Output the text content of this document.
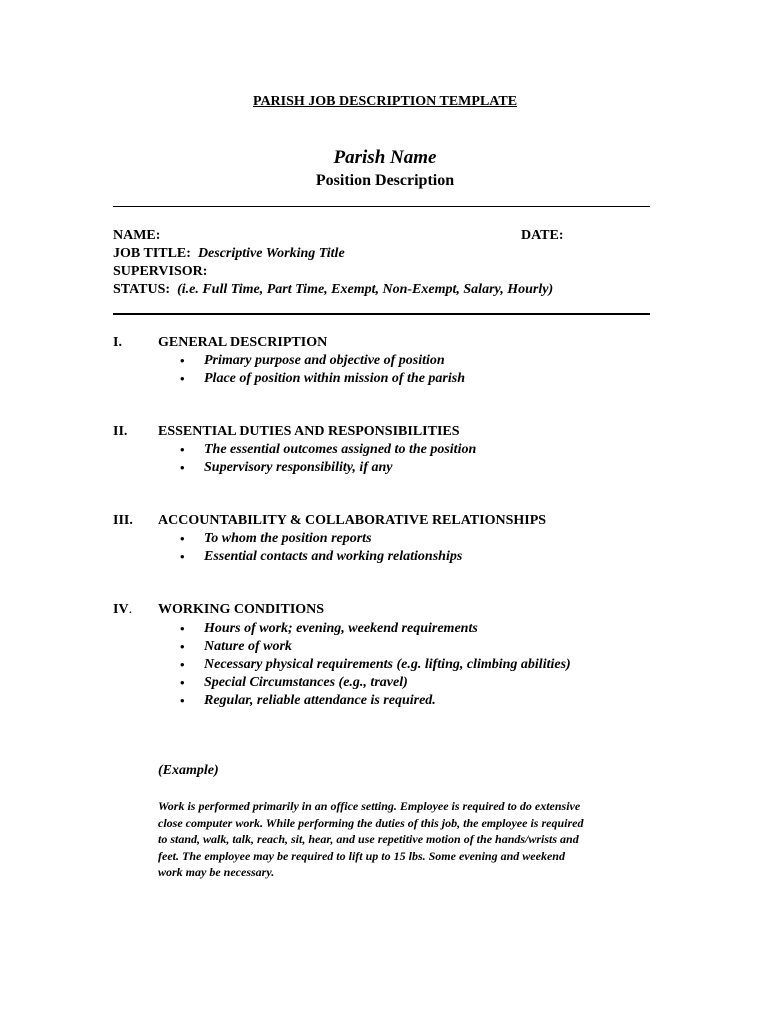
PARISH JOB DESCRIPTION TEMPLATE
Parish Name
Position Description
NAME:	DATE:
JOB TITLE: Descriptive Working Title
SUPERVISOR:
STATUS: (i.e. Full Time, Part Time, Exempt, Non-Exempt, Salary, Hourly)
I.	GENERAL DESCRIPTION
• Primary purpose and objective of position
• Place of position within mission of the parish
II. ESSENTIAL DUTIES AND RESPONSIBILITIES
• The essential outcomes assigned to the position
• Supervisory responsibility, if any
III. ACCOUNTABILITY & COLLABORATIVE RELATIONSHIPS
• To whom the position reports
• Essential contacts and working relationships
IV. WORKING CONDITIONS
• Hours of work; evening, weekend requirements
• Nature of work
• Necessary physical requirements (e.g. lifting, climbing abilities)
• Special Circumstances (e.g., travel)
• Regular, reliable attendance is required.
(Example)
Work is performed primarily in an office setting. Employee is required to do extensive
close computer work. While performing the duties of this job, the employee is required
to stand, walk, talk, reach, sit, hear, and use repetitive motion of the hands/wrists and
feet. The employee may be required to lift up to 15 lbs. Some evening and weekend
work may be necessary.
